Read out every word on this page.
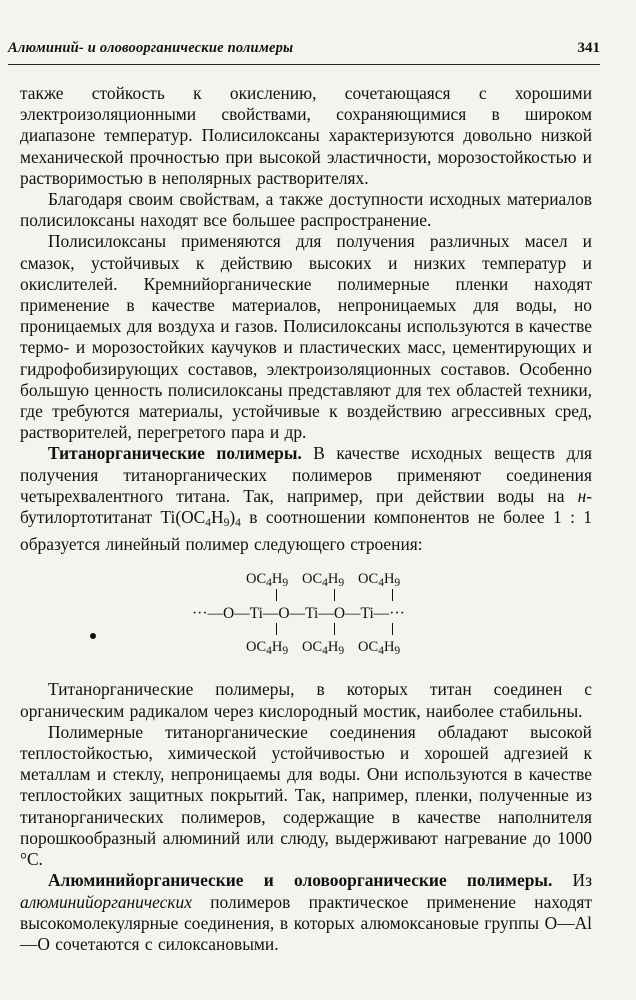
Алюминий- и оловоорганические полимеры	341

также стойкость к окислению, сочетающаяся с хорошими электроизоляционными свойствами, сохраняющимися в широком диапазоне температур. Полисилоксаны характеризуются довольно низкой механической прочностью при высокой эластичности, морозостойкостью и растворимостью в неполярных растворителях.

Благодаря своим свойствам, а также доступности исходных материалов полисилоксаны находят все большее распространение.

Полисилоксаны применяются для получения различных масел и смазок, устойчивых к действию высоких и низких температур и окислителей. Кремнийорганические полимерные пленки находят применение в качестве материалов, непроницаемых для воды, но проницаемых для воздуха и газов. Полисилоксаны используются в качестве термо- и морозостойких каучуков и пластических масс, цементирующих и гидрофобизирующих составов, электроизоляционных составов. Особенно большую ценность полисилоксаны представляют для тех областей техники, где требуются материалы, устойчивые к воздействию агрессивных сред, растворителей, перегретого пара и др.

Титанорганические полимеры. В качестве исходных веществ для получения титанорганических полимеров применяют соединения четырехвалентного титана. Так, например, при действии воды на н-бутилортотитанат $Ti(OC_4H_9)_4$ в соотношении компонентов не более 1 : 1 образуется линейный полимер следующего строения:

$OC_4H_9$ $OC_4H_9$ $OC_4H_9$
···—O—Ti—O—Ti—O—Ti—···
$OC_4H_9$ $OC_4H_9$ $OC_4H_9$

Титанорганические полимеры, в которых титан соединен с органическим радикалом через кислородный мостик, наиболее стабильны.

Полимерные титанорганические соединения обладают высокой теплостойкостью, химической устойчивостью и хорошей адгезией к металлам и стеклу, непроницаемы для воды. Они используются в качестве теплостойких защитных покрытий. Так, например, пленки, полученные из титанорганических полимеров, содержащие в качестве наполнителя порошкообразный алюминий или слюду, выдерживают нагревание до 1000 °С.

Алюминийорганические и оловоорганические полимеры. Из алюминийорганических полимеров практическое применение находят высокомолекулярные соединения, в которых алюмоксановые группы O—Al—O сочетаются с силоксановыми.
